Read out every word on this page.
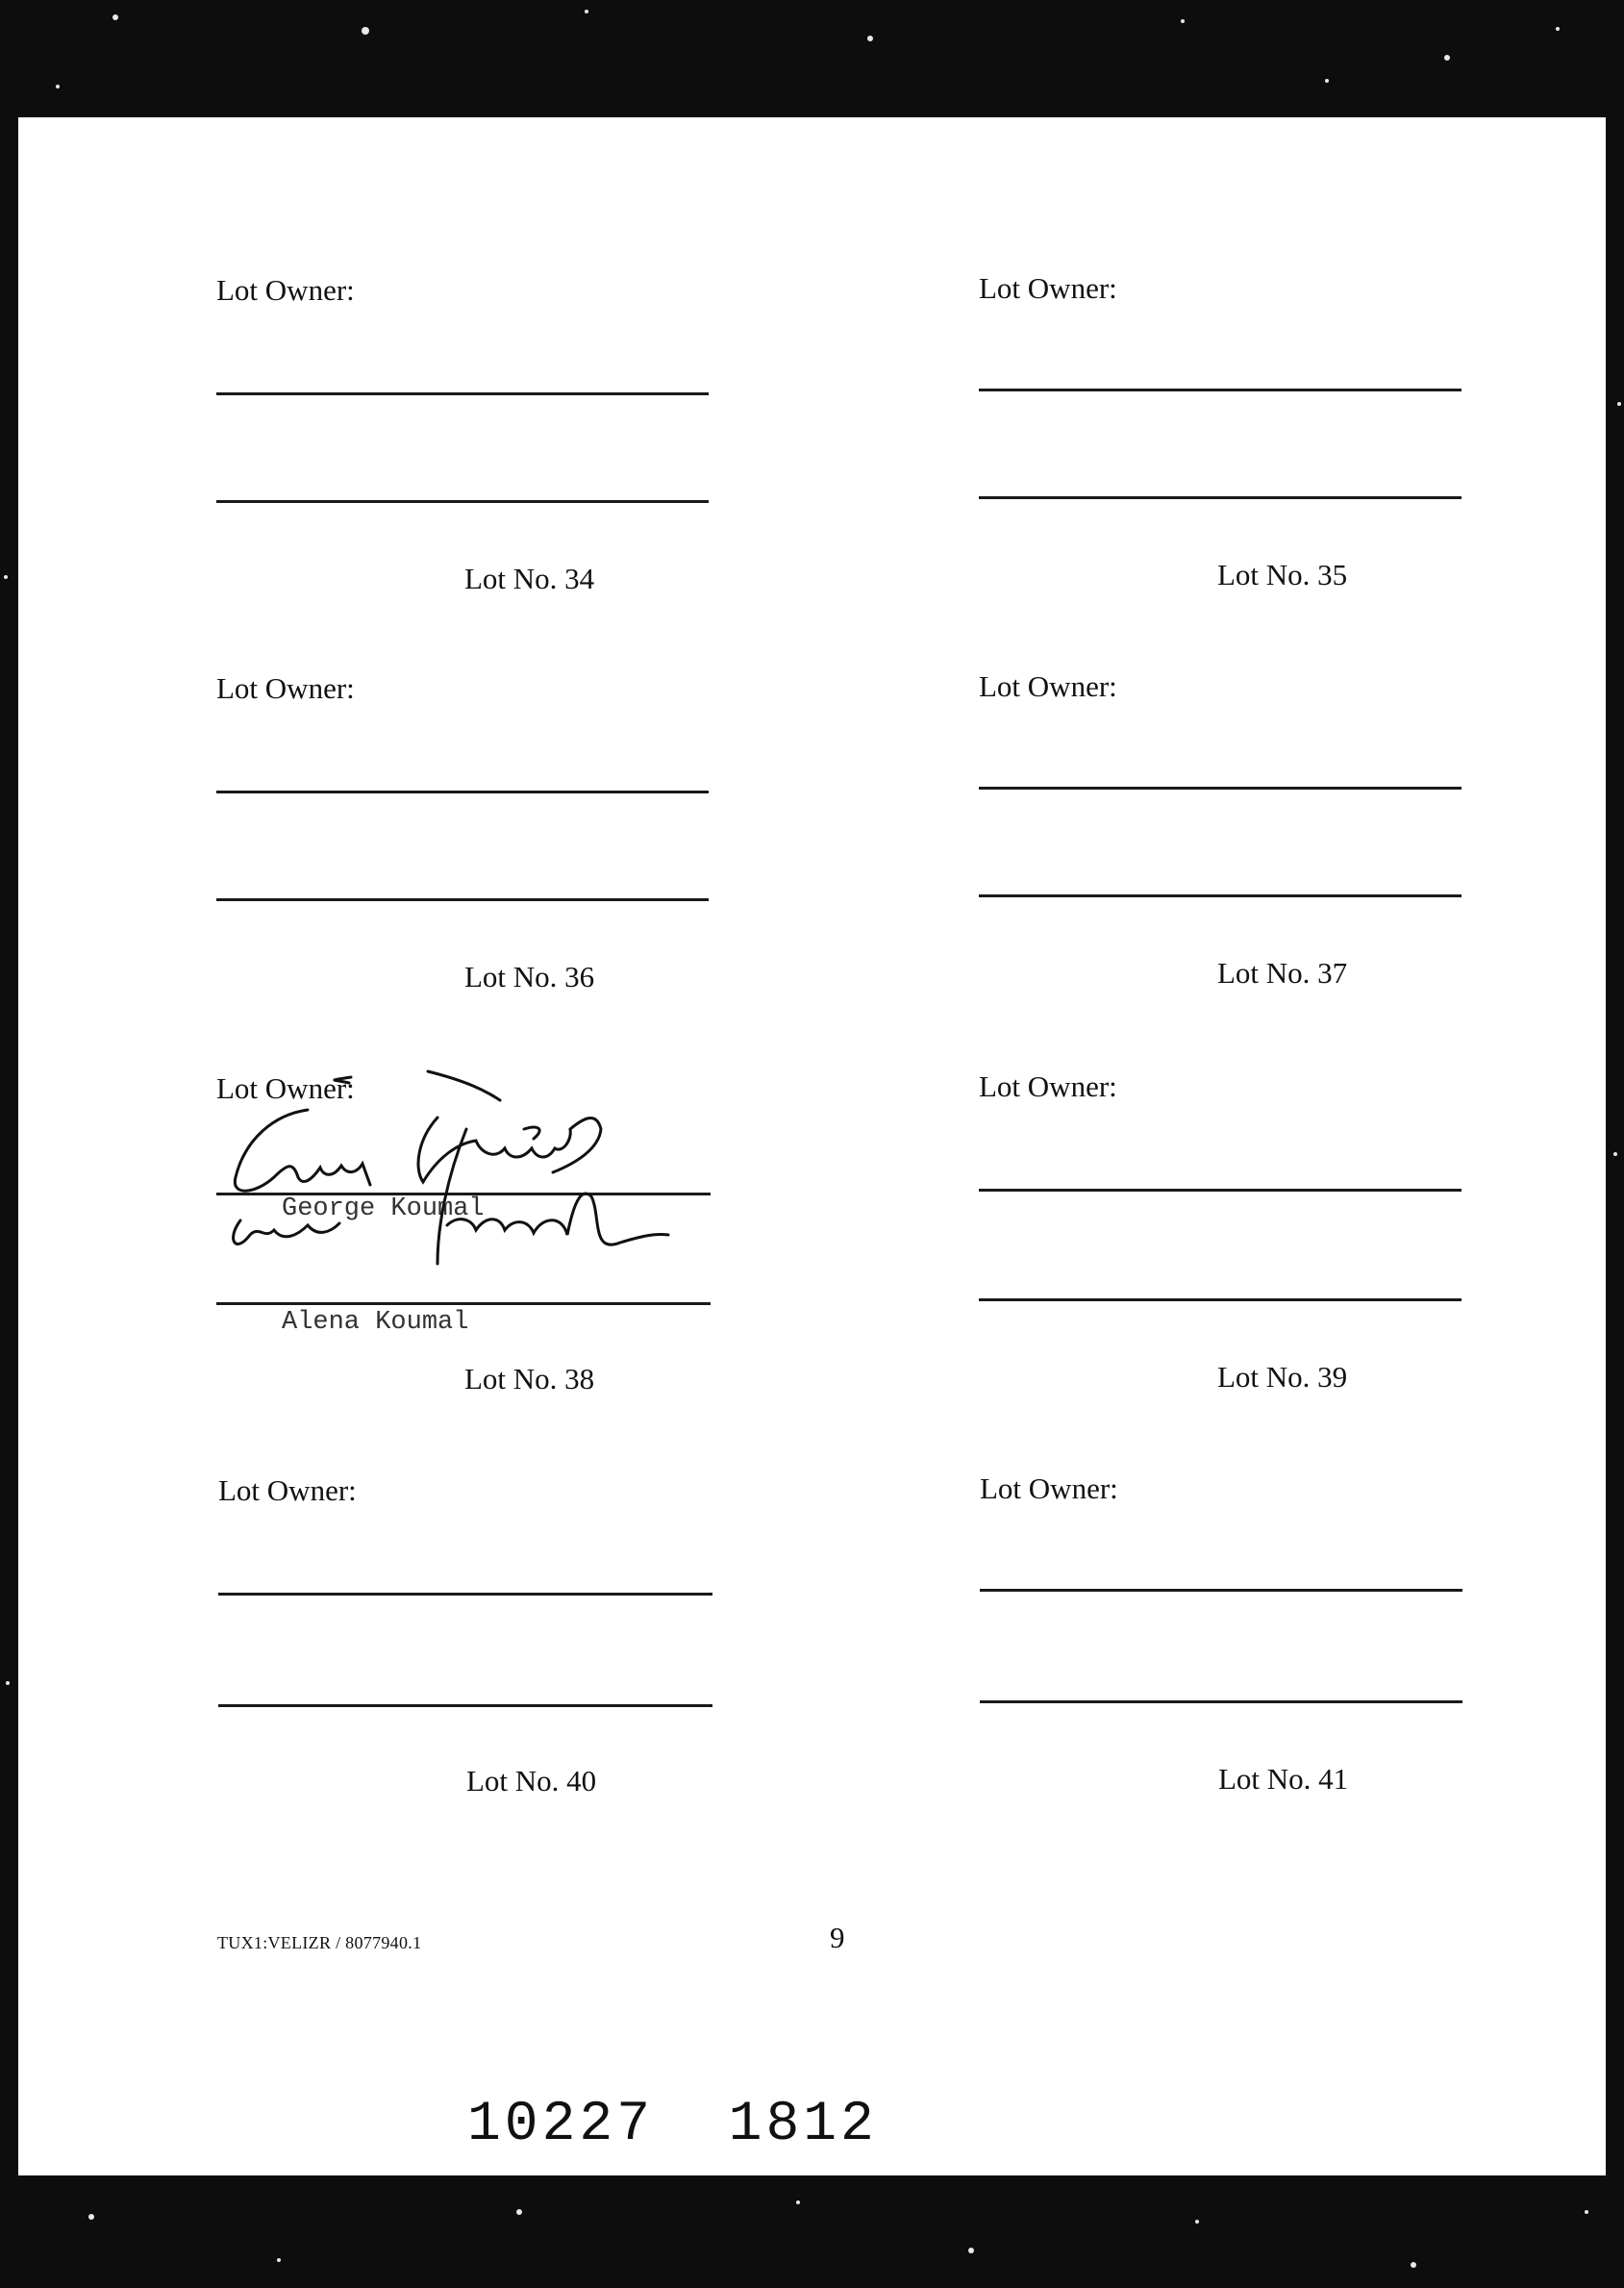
Lot Owner:
Lot No. 34
Lot Owner:
Lot No. 35
Lot Owner:
Lot No. 36
Lot Owner:
Lot No. 37
Lot Owner:
George Koumal
Alena Koumal
Lot No. 38
Lot Owner:
Lot No. 39
Lot Owner:
Lot No. 40
Lot Owner:
Lot No. 41
TUX1:VELIZR / 8077940.1	9
10227  1812
